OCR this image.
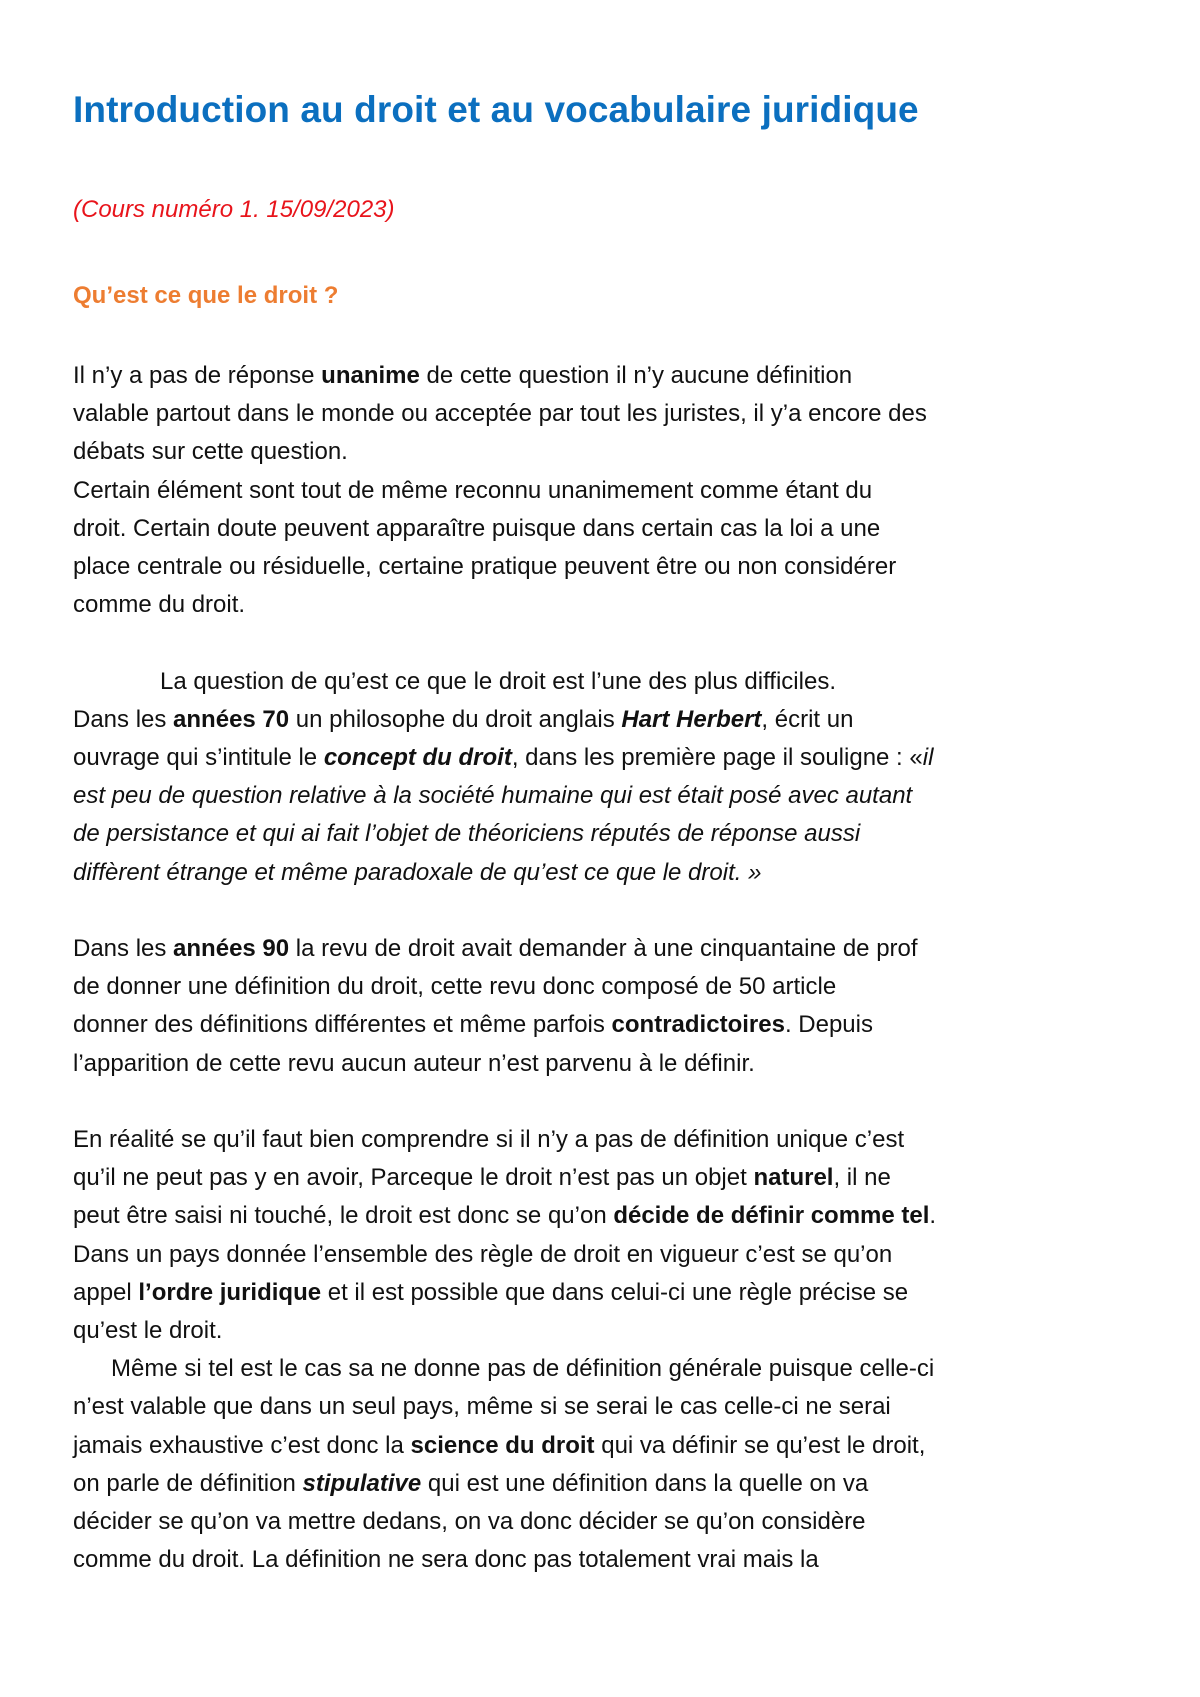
Introduction au droit et au vocabulaire juridique

(Cours numéro 1. 15/09/2023)

Qu’est ce que le droit ?

Il n’y a pas de réponse unanime de cette question il n’y aucune définition
valable partout dans le monde ou acceptée par tout les juristes, il y’a encore des
débats sur cette question.
Certain élément sont tout de même reconnu unanimement comme étant du
droit. Certain doute peuvent apparaître puisque dans certain cas la loi a une
place centrale ou résiduelle, certaine pratique peuvent être ou non considérer
comme du droit.

La question de qu’est ce que le droit est l’une des plus difficiles.
Dans les années 70 un philosophe du droit anglais Hart Herbert, écrit un
ouvrage qui s’intitule le concept du droit, dans les première page il souligne : «il
est peu de question relative à la société humaine qui est était posé avec autant
de persistance et qui ai fait l’objet de théoriciens réputés de réponse aussi
diffèrent étrange et même paradoxale de qu’est ce que le droit. »

Dans les années 90 la revu de droit avait demander à une cinquantaine de prof
de donner une définition du droit, cette revu donc composé de 50 article
donner des définitions différentes et même parfois contradictoires. Depuis
l’apparition de cette revu aucun auteur n’est parvenu à le définir.

En réalité se qu’il faut bien comprendre si il n’y a pas de définition unique c’est
qu’il ne peut pas y en avoir, Parceque le droit n’est pas un objet naturel, il ne
peut être saisi ni touché, le droit est donc se qu’on décide de définir comme tel.
Dans un pays donnée l’ensemble des règle de droit en vigueur c’est se qu’on
appel l’ordre juridique et il est possible que dans celui-ci une règle précise se
qu’est le droit.

Même si tel est le cas sa ne donne pas de définition générale puisque celle-ci
n’est valable que dans un seul pays, même si se serai le cas celle-ci ne serai
jamais exhaustive c’est donc la science du droit qui va définir se qu’est le droit,
on parle de définition stipulative qui est une définition dans la quelle on va
décider se qu’on va mettre dedans, on va donc décider se qu’on considère
comme du droit. La définition ne sera donc pas totalement vrai mais la
